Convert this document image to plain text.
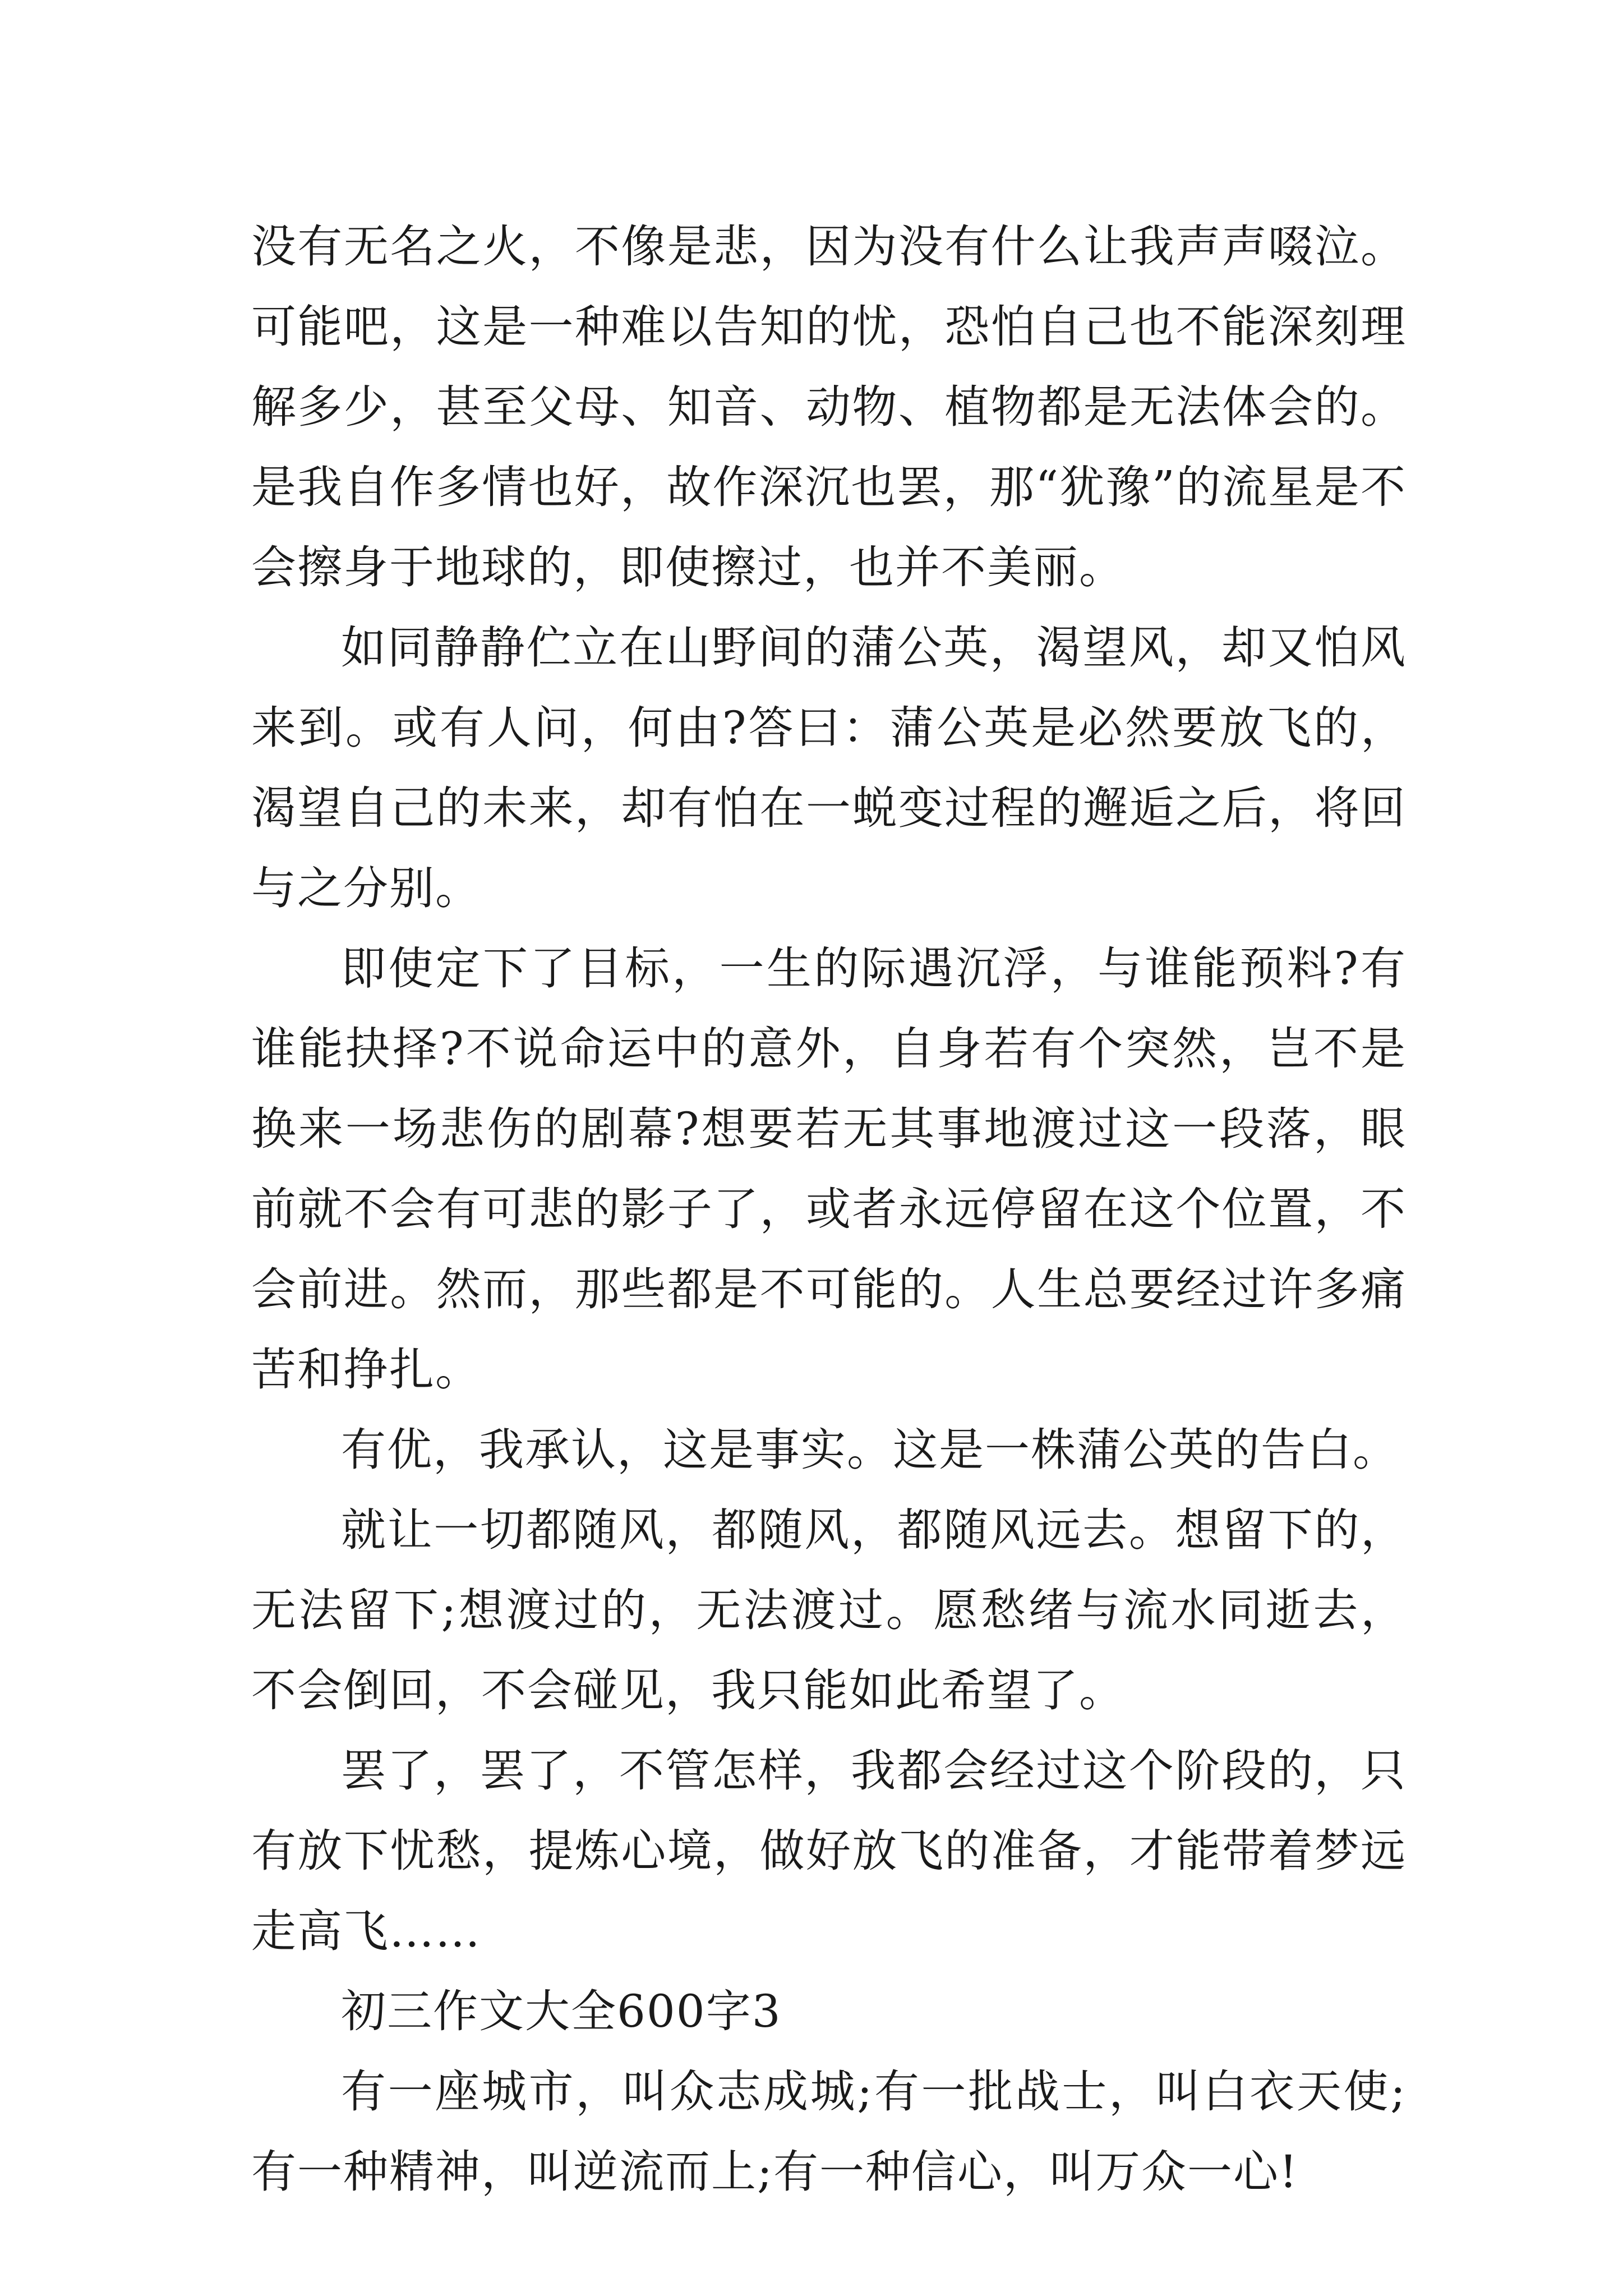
没有无名之火，不像是悲，因为没有什么让我声声啜泣。可能吧，这是一种难以告知的忧，恐怕自己也不能深刻理解多少，甚至父母、知音、动物、植物都是无法体会的。是我自作多情也好，故作深沉也罢，那“犹豫”的流星是不会擦身于地球的，即使擦过，也并不美丽。

如同静静伫立在山野间的蒲公英，渴望风，却又怕风来到。或有人问，何由?答曰：蒲公英是必然要放飞的，渴望自己的未来，却有怕在一蜕变过程的邂逅之后，将回与之分别。

即使定下了目标，一生的际遇沉浮，与谁能预料?有谁能抉择?不说命运中的意外，自身若有个突然，岂不是换来一场悲伤的剧幕?想要若无其事地渡过这一段落，眼前就不会有可悲的影子了，或者永远停留在这个位置，不会前进。然而，那些都是不可能的。人生总要经过许多痛苦和挣扎。

有优，我承认，这是事实。这是一株蒲公英的告白。

就让一切都随风，都随风，都随风远去。想留下的，无法留下;想渡过的，无法渡过。愿愁绪与流水同逝去，不会倒回，不会碰见，我只能如此希望了。

罢了，罢了，不管怎样，我都会经过这个阶段的，只有放下忧愁，提炼心境，做好放飞的准备，才能带着梦远走高飞……

初三作文大全600字3

有一座城市，叫众志成城;有一批战士，叫白衣天使;有一种精神，叫逆流而上;有一种信心，叫万众一心!
